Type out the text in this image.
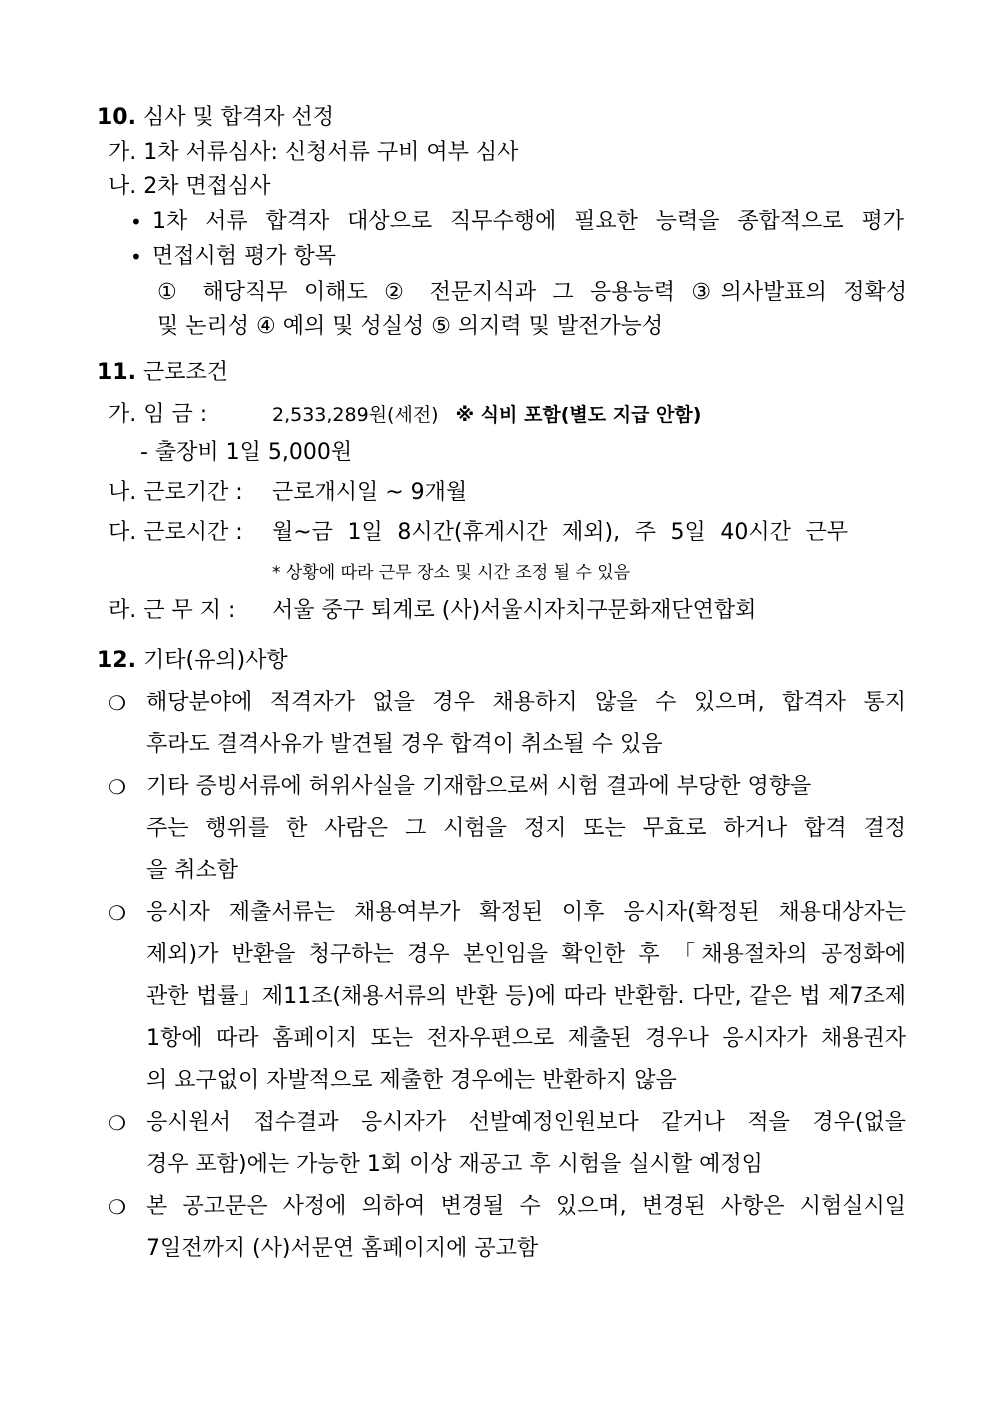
10. 심사 및 합격자 선정
가. 1차 서류심사: 신청서류 구비 여부 심사
나. 2차 면접심사
• 1차 서류 합격자 대상으로 직무수행에 필요한 능력을 종합적으로 평가
• 면접시험 평가 항목
① 해당직무 이해도 ② 전문지식과 그 응용능력 ③의사발표의 정확성
및 논리성 ④ 예의 및 성실성 ⑤ 의지력 및 발전가능성
11. 근로조건
가. 임 금 :	2,533,289원(세전) ※ 식비 포함(별도 지급 안함)
- 출장비 1일 5,000원
나. 근로기간 :	근로개시일 ~ 9개월
다. 근로시간 :	월~금 1일 8시간(휴게시간 제외), 주 5일 40시간 근무
* 상황에 따라 근무 장소 및 시간 조정 될 수 있음
라. 근 무 지 :	서울 중구 퇴계로 (사)서울시자치구문화재단연합회
12. 기타(유의)사항
❍ 해당분야에 적격자가 없을 경우 채용하지 않을 수 있으며, 합격자 통지
후라도 결격사유가 발견될 경우 합격이 취소될 수 있음
❍ 기타 증빙서류에 허위사실을 기재함으로써 시험 결과에 부당한 영향을
주는 행위를 한 사람은 그 시험을 정지 또는 무효로 하거나 합격 결정
을 취소함
❍ 응시자 제출서류는 채용여부가 확정된 이후 응시자(확정된 채용대상자는
제외)가 반환을 청구하는 경우 본인임을 확인한 후 「채용절차의 공정화에
관한 법률」제11조(채용서류의 반환 등)에 따라 반환함. 다만, 같은 법 제7조제
1항에 따라 홈페이지 또는 전자우편으로 제출된 경우나 응시자가 채용권자
의 요구없이 자발적으로 제출한 경우에는 반환하지 않음
❍ 응시원서 접수결과 응시자가 선발예정인원보다 같거나 적을 경우(없을
경우 포함)에는 가능한 1회 이상 재공고 후 시험을 실시할 예정임
❍ 본 공고문은 사정에 의하여 변경될 수 있으며, 변경된 사항은 시험실시일
7일전까지 (사)서문연 홈페이지에 공고함
